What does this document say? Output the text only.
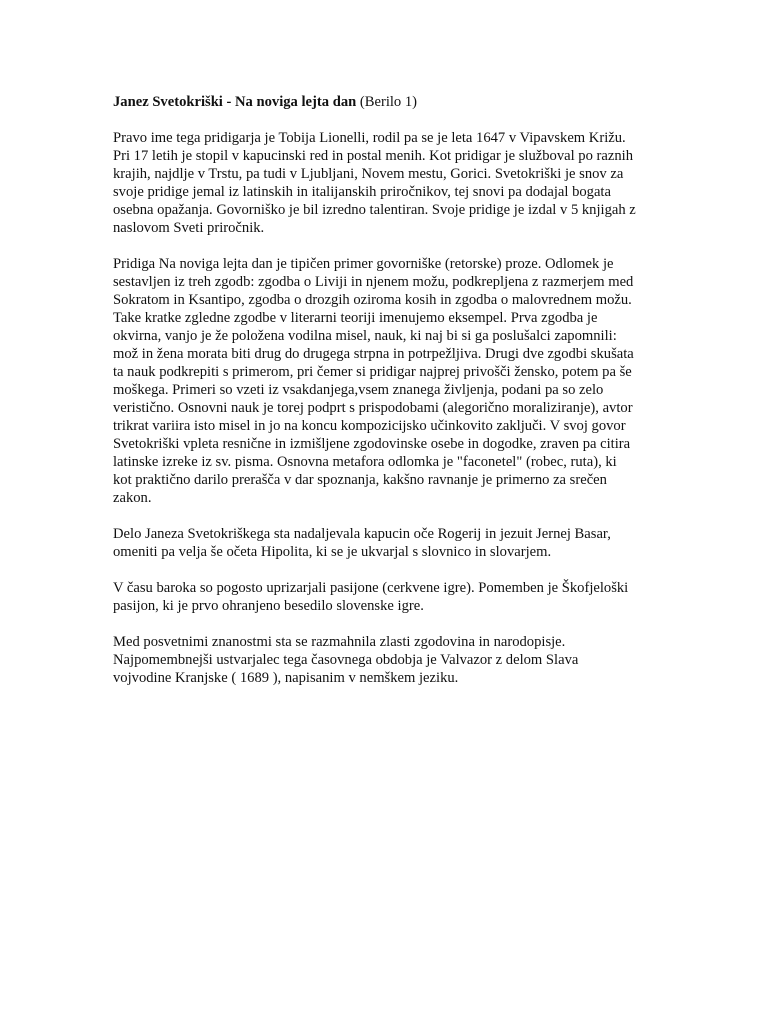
Janez Svetokriški - Na noviga lejta dan (Berilo 1)
Pravo ime tega pridigarja je Tobija Lionelli, rodil pa se je leta 1647 v Vipavskem Križu.
Pri 17 letih je stopil v kapucinski red in postal menih. Kot pridigar je služboval po raznih
krajih, najdlje v Trstu, pa tudi v Ljubljani, Novem mestu, Gorici. Svetokriški je snov za
svoje pridige jemal iz latinskih in italijanskih priročnikov, tej snovi pa dodajal bogata
osebna opažanja. Govorniško je bil izredno talentiran. Svoje pridige je izdal v 5 knjigah z
naslovom Sveti priročnik.
Pridiga Na noviga lejta dan je tipičen primer govorniške (retorske) proze. Odlomek je
sestavljen iz treh zgodb: zgodba o Liviji in njenem možu, podkrepljena z razmerjem med
Sokratom in Ksantipo, zgodba o drozgih oziroma kosih in zgodba o malovrednem možu.
Take kratke zgledne zgodbe v literarni teoriji imenujemo eksempel. Prva zgodba je
okvirna, vanjo je že položena vodilna misel, nauk, ki naj bi si ga poslušalci zapomnili:
mož in žena morata biti drug do drugega strpna in potrpežljiva. Drugi dve zgodbi skušata
ta nauk podkrepiti s primerom, pri čemer si pridigar najprej privošči žensko, potem pa še
moškega. Primeri so vzeti iz vsakdanjega,vsem znanega življenja, podani pa so zelo
veristično. Osnovni nauk je torej podprt s prispodobami (alegorično moraliziranje), avtor
trikrat variira isto misel in jo na koncu kompozicijsko učinkovito zaključi. V svoj govor
Svetokriški vpleta resnične in izmišljene zgodovinske osebe in dogodke, zraven pa citira
latinske izreke iz sv. pisma. Osnovna metafora odlomka je "faconetel" (robec, ruta), ki
kot praktično darilo prerašča v dar spoznanja, kakšno ravnanje je primerno za srečen
zakon.
Delo Janeza Svetokriškega sta nadaljevala kapucin oče Rogerij in jezuit Jernej Basar,
omeniti pa velja še očeta Hipolita, ki se je ukvarjal s slovnico in slovarjem.
V času baroka so pogosto uprizarjali pasijone (cerkvene igre). Pomemben je Škofjeloški
pasijon, ki je prvo ohranjeno besedilo slovenske igre.
Med posvetnimi znanostmi sta se razmahnila zlasti zgodovina in narodopisje.
Najpomembnejši ustvarjalec tega časovnega obdobja je Valvazor z delom Slava
vojvodine Kranjske ( 1689 ), napisanim v nemškem jeziku.
